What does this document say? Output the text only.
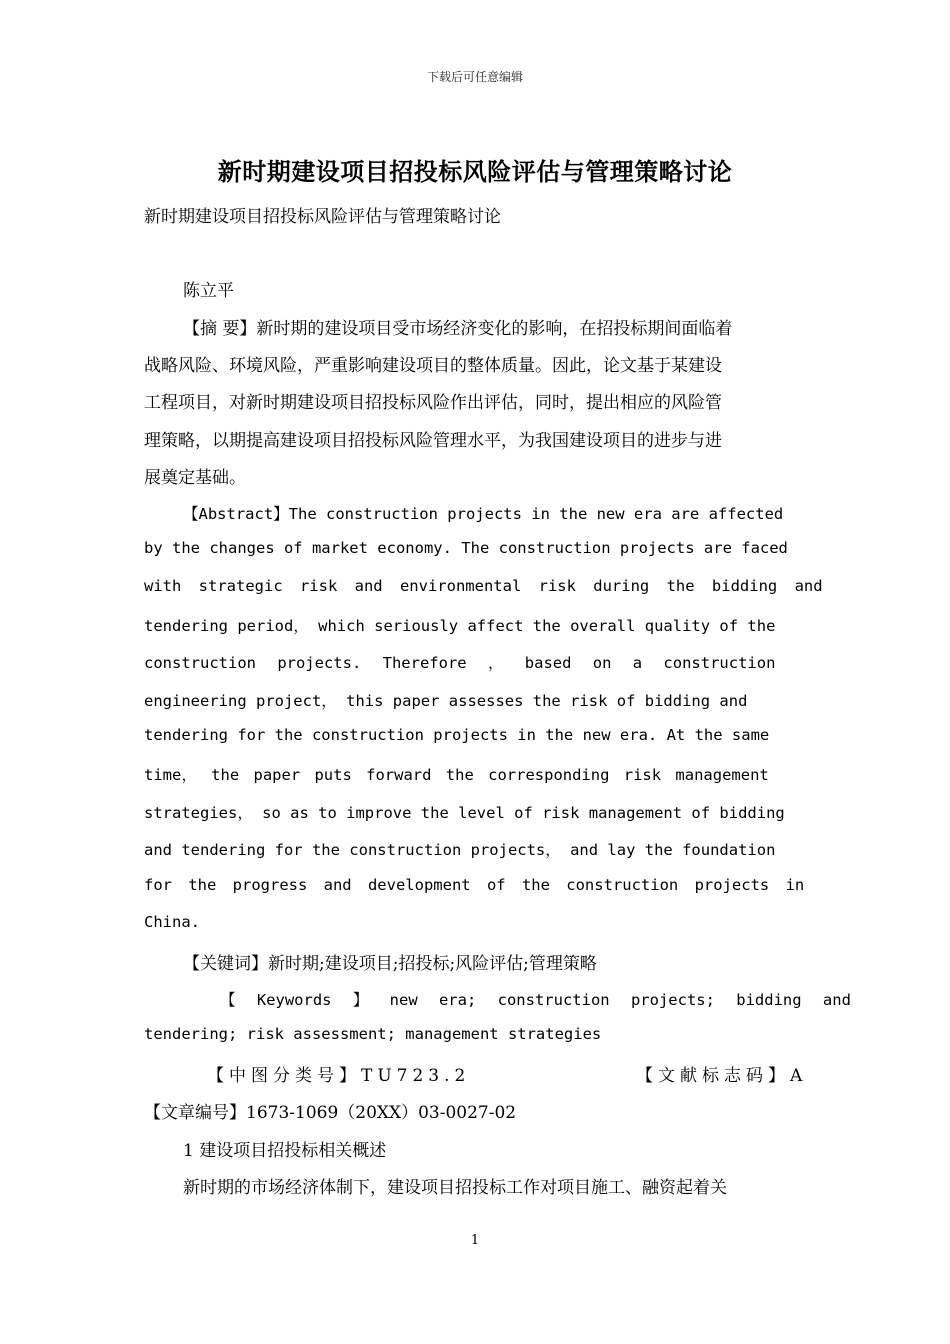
下载后可任意编辑
新时期建设项目招投标风险评估与管理策略讨论
新时期建设项目招投标风险评估与管理策略讨论
陈立平
【摘 要】新时期的建设项目受市场经济变化的影响，在招投标期间面临着
战略风险、环境风险，严重影响建设项目的整体质量。因此，论文基于某建设
工程项目，对新时期建设项目招投标风险作出评估，同时，提出相应的风险管
理策略，以期提高建设项目招投标风险管理水平，为我国建设项目的进步与进
展奠定基础。
【Abstract】The construction projects in the new era are affected
by the changes of market economy. The construction projects are faced
with strategic risk and environmental risk during the bidding and
tendering period， which seriously affect the overall quality of the
construction projects. Therefore ， based on a construction
engineering project， this paper assesses the risk of bidding and
tendering for the construction projects in the new era. At the same
time， the paper puts forward the corresponding risk management
strategies， so as to improve the level of risk management of bidding
and tendering for the construction projects， and lay the foundation
for the progress and development of the construction projects in
China.
【关键词】新时期;建设项目;招投标;风险评估;管理策略
【 Keywords 】 new era; construction projects; bidding and
tendering; risk assessment; management strategies
【中图分类号】TU723.2	【文献标志码】A
【文章编号】1673-1069（20XX）03-0027-02
1 建设项目招投标相关概述
新时期的市场经济体制下，建设项目招投标工作对项目施工、融资起着关
1
